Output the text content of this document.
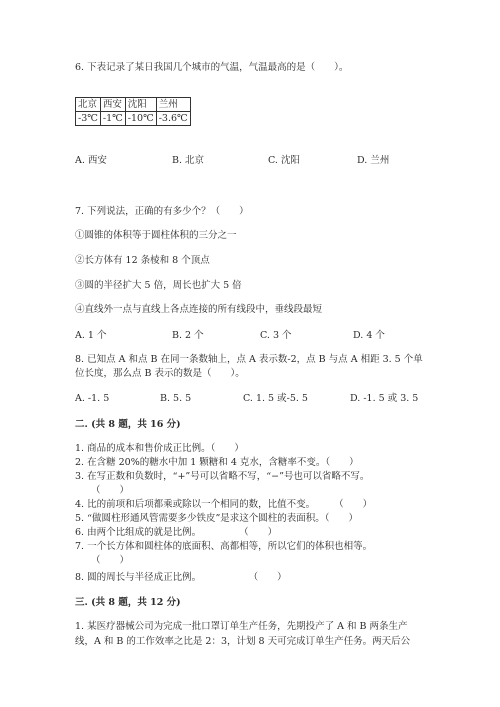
6. 下表记录了某日我国几个城市的气温，气温最高的是（　　）。
北京	西安	沈阳	兰州
-3℃	-1℃	-10℃	-3.6℃
A. 西安	B. 北京	C. 沈阳	D. 兰州
7. 下列说法，正确的有多少个？（　　）
①圆锥的体积等于圆柱体积的三分之一
②长方体有 12 条棱和 8 个顶点
③圆的半径扩大 5 倍，周长也扩大 5 倍
④直线外一点与直线上各点连接的所有线段中，垂线段最短
A. 1 个	B. 2 个	C. 3 个	D. 4 个
8. 已知点 A 和点 B 在同一条数轴上，点 A 表示数-2，点 B 与点 A 相距 3. 5 个单
位长度，那么点 B 表示的数是（　　）。
A. -1. 5	B. 5. 5	C. 1. 5 或-5. 5	D. -1. 5 或 3. 5
二. (共 8 题，共 16 分)
1. 商品的成本和售价成正比例。（　　）
2. 在含糖 20%的糖水中加 1 颗糖和 4 克水，含糖率不变。（　　）
3. 在写正数和负数时，“+”号可以省略不写，“−”号也可以省略不写。
（　　）
4. 比的前项和后项都乘或除以一个相同的数，比值不变。　　　（　　）
5. “做圆柱形通风管需要多少铁皮”是求这个圆柱的表面积。（　　）
6. 由两个比组成的就是比例。　　　　　（　　）
7. 一个长方体和圆柱体的底面积、高都相等，所以它们的体积也相等。
（　　）
8. 圆的周长与半径成正比例。　　　　　　（　　）
三. (共 8 题，共 12 分)
1. 某医疗器械公司为完成一批口罩订单生产任务，先期投产了 A 和 B 两条生产
线，A 和 B 的工作效率之比是 2：3，计划 8 天可完成订单生产任务。两天后公
